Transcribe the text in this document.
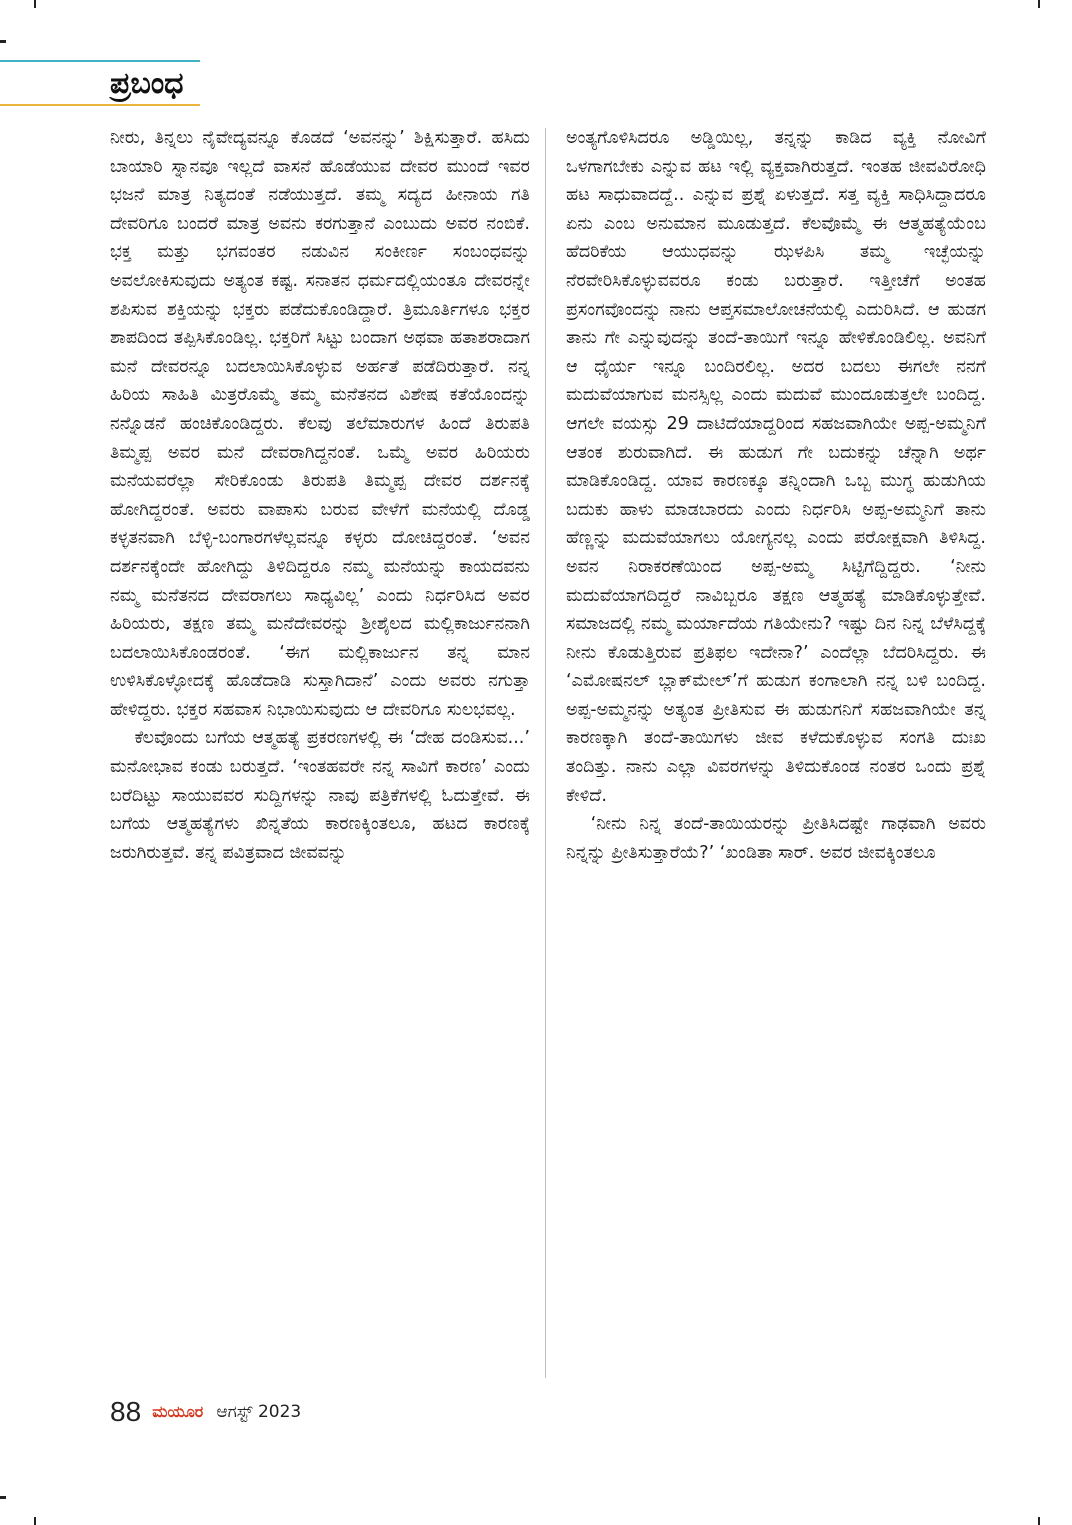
ಪ್ರಬಂಧ

ನೀರು, ತಿನ್ನಲು ನೈವೇದ್ಯವನ್ನೂ ಕೊಡದೆ ‘ಅವನನ್ನು’ ಶಿಕ್ಷಿಸುತ್ತಾರೆ. ಹಸಿದು ಬಾಯಾರಿ ಸ್ನಾನವೂ ಇಲ್ಲದೆ ವಾಸನೆ ಹೊಡೆಯುವ ದೇವರ ಮುಂದೆ ಇವರ ಭಜನೆ ಮಾತ್ರ ನಿತ್ಯದಂತೆ ನಡೆಯುತ್ತದೆ. ತಮ್ಮ ಸದ್ಯದ ಹೀನಾಯ ಗತಿ ದೇವರಿಗೂ ಬಂದರೆ ಮಾತ್ರ ಅವನು ಕರಗುತ್ತಾನೆ ಎಂಬುದು ಅವರ ನಂಬಿಕೆ. ಭಕ್ತ ಮತ್ತು ಭಗವಂತರ ನಡುವಿನ ಸಂಕೀರ್ಣ ಸಂಬಂಧವನ್ನು ಅವಲೋಕಿಸುವುದು ಅತ್ಯಂತ ಕಷ್ಟ. ಸನಾತನ ಧರ್ಮದಲ್ಲಿಯಂತೂ ದೇವರನ್ನೇ ಶಪಿಸುವ ಶಕ್ತಿಯನ್ನು ಭಕ್ತರು ಪಡೆದುಕೊಂಡಿದ್ದಾರೆ. ತ್ರಿಮೂರ್ತಿಗಳೂ ಭಕ್ತರ ಶಾಪದಿಂದ ತಪ್ಪಿಸಿಕೊಂಡಿಲ್ಲ. ಭಕ್ತರಿಗೆ ಸಿಟ್ಟು ಬಂದಾಗ ಅಥವಾ ಹತಾಶರಾದಾಗ ಮನೆ ದೇವರನ್ನೂ ಬದಲಾಯಿಸಿಕೊಳ್ಳುವ ಅರ್ಹತೆ ಪಡೆದಿರುತ್ತಾರೆ. ನನ್ನ ಹಿರಿಯ ಸಾಹಿತಿ ಮಿತ್ರರೊಮ್ಮೆ ತಮ್ಮ ಮನೆತನದ ವಿಶೇಷ ಕತೆಯೊಂದನ್ನು ನನ್ನೊಡನೆ ಹಂಚಿಕೊಂಡಿದ್ದರು. ಕೆಲವು ತಲೆಮಾರುಗಳ ಹಿಂದೆ ತಿರುಪತಿ ತಿಮ್ಮಪ್ಪ ಅವರ ಮನೆ ದೇವರಾಗಿದ್ದನಂತೆ. ಒಮ್ಮೆ ಅವರ ಹಿರಿಯರು ಮನೆಯವರೆಲ್ಲಾ ಸೇರಿಕೊಂಡು ತಿರುಪತಿ ತಿಮ್ಮಪ್ಪ ದೇವರ ದರ್ಶನಕ್ಕೆ ಹೋಗಿದ್ದರಂತೆ. ಅವರು ವಾಪಾಸು ಬರುವ ವೇಳೆಗೆ ಮನೆಯಲ್ಲಿ ದೊಡ್ಡ ಕಳ್ಳತನವಾಗಿ ಬೆಳ್ಳಿ-ಬಂಗಾರಗಳೆಲ್ಲವನ್ನೂ ಕಳ್ಳರು ದೋಚಿದ್ದರಂತೆ. ‘ಅವನ ದರ್ಶನಕ್ಕೆಂದೇ ಹೋಗಿದ್ದು ತಿಳಿದಿದ್ದರೂ ನಮ್ಮ ಮನೆಯನ್ನು ಕಾಯದವನು ನಮ್ಮ ಮನೆತನದ ದೇವರಾಗಲು ಸಾಧ್ಯವಿಲ್ಲ’ ಎಂದು ನಿರ್ಧರಿಸಿದ ಅವರ ಹಿರಿಯರು, ತಕ್ಷಣ ತಮ್ಮ ಮನೆದೇವರನ್ನು ಶ್ರೀಶೈಲದ ಮಲ್ಲಿಕಾರ್ಜುನನಾಗಿ ಬದಲಾಯಿಸಿಕೊಂಡರಂತೆ. ‘ಈಗ ಮಲ್ಲಿಕಾರ್ಜುನ ತನ್ನ ಮಾನ ಉಳಿಸಿಕೊಳ್ಳೋದಕ್ಕೆ ಹೊಡೆದಾಡಿ ಸುಸ್ತಾಗಿದಾನೆ’ ಎಂದು ಅವರು ನಗುತ್ತಾ ಹೇಳಿದ್ದರು. ಭಕ್ತರ ಸಹವಾಸ ನಿಭಾಯಿಸುವುದು ಆ ದೇವರಿಗೂ ಸುಲಭವಲ್ಲ.

ಕೆಲವೊಂದು ಬಗೆಯ ಆತ್ಮಹತ್ಯೆ ಪ್ರಕರಣಗಳಲ್ಲಿ ಈ ‘ದೇಹ ದಂಡಿಸುವ...’ ಮನೋಭಾವ ಕಂಡು ಬರುತ್ತದೆ. ‘ಇಂತಹವರೇ ನನ್ನ ಸಾವಿಗೆ ಕಾರಣ’ ಎಂದು ಬರೆದಿಟ್ಟು ಸಾಯುವವರ ಸುದ್ದಿಗಳನ್ನು ನಾವು ಪತ್ರಿಕೆಗಳಲ್ಲಿ ಓದುತ್ತೇವೆ. ಈ ಬಗೆಯ ಆತ್ಮಹತ್ಯೆಗಳು ಖಿನ್ನತೆಯ ಕಾರಣಕ್ಕಿಂತಲೂ, ಹಟದ ಕಾರಣಕ್ಕೆ ಜರುಗಿರುತ್ತವೆ. ತನ್ನ ಪವಿತ್ರವಾದ ಜೀವವನ್ನು

ಅಂತ್ಯಗೊಳಿಸಿದರೂ ಅಡ್ಡಿಯಿಲ್ಲ, ತನ್ನನ್ನು ಕಾಡಿದ ವ್ಯಕ್ತಿ ನೋವಿಗೆ ಒಳಗಾಗಬೇಕು ಎನ್ನುವ ಹಟ ಇಲ್ಲಿ ವ್ಯಕ್ತವಾಗಿರುತ್ತದೆ. ಇಂತಹ ಜೀವವಿರೋಧಿ ಹಟ ಸಾಧುವಾದದ್ದೆ.. ಎನ್ನುವ ಪ್ರಶ್ನೆ ಏಳುತ್ತದೆ. ಸತ್ತ ವ್ಯಕ್ತಿ ಸಾಧಿಸಿದ್ದಾದರೂ ಏನು ಎಂಬ ಅನುಮಾನ ಮೂಡುತ್ತದೆ. ಕೆಲವೊಮ್ಮೆ ಈ ಆತ್ಮಹತ್ಯೆಯೆಂಬ ಹೆದರಿಕೆಯ ಆಯುಧವನ್ನು ಝಳಪಿಸಿ ತಮ್ಮ ಇಚ್ಛೆಯನ್ನು ನೆರವೇರಿಸಿಕೊಳ್ಳುವವರೂ ಕಂಡು ಬರುತ್ತಾರೆ. ಇತ್ತೀಚೆಗೆ ಅಂತಹ ಪ್ರಸಂಗವೊಂದನ್ನು ನಾನು ಆಪ್ತಸಮಾಲೋಚನೆಯಲ್ಲಿ ಎದುರಿಸಿದೆ. ಆ ಹುಡಗ ತಾನು ಗೇ ಎನ್ನುವುದನ್ನು ತಂದೆ-ತಾಯಿಗೆ ಇನ್ನೂ ಹೇಳಿಕೊಂಡಿಲಿಲ್ಲ. ಅವನಿಗೆ ಆ ಧೈರ್ಯ ಇನ್ನೂ ಬಂದಿರಲಿಲ್ಲ. ಅದರ ಬದಲು ಈಗಲೇ ನನಗೆ ಮದುವೆಯಾಗುವ ಮನಸ್ಸಿಲ್ಲ ಎಂದು ಮದುವೆ ಮುಂದೂಡುತ್ತಲೇ ಬಂದಿದ್ದ. ಆಗಲೇ ವಯಸ್ಸು 29 ದಾಟಿದೆಯಾದ್ದರಿಂದ ಸಹಜವಾಗಿಯೇ ಅಪ್ಪ-ಅಮ್ಮನಿಗೆ ಆತಂಕ ಶುರುವಾಗಿದೆ. ಈ ಹುಡುಗ ಗೇ ಬದುಕನ್ನು ಚೆನ್ನಾಗಿ ಅರ್ಥ ಮಾಡಿಕೊಂಡಿದ್ದ. ಯಾವ ಕಾರಣಕ್ಕೂ ತನ್ನಿಂದಾಗಿ ಒಬ್ಬ ಮುಗ್ಧ ಹುಡುಗಿಯ ಬದುಕು ಹಾಳು ಮಾಡಬಾರದು ಎಂದು ನಿರ್ಧರಿಸಿ ಅಪ್ಪ-ಅಮ್ಮನಿಗೆ ತಾನು ಹೆಣ್ಣನ್ನು ಮದುವೆಯಾಗಲು ಯೋಗ್ಯನಲ್ಲ ಎಂದು ಪರೋಕ್ಷವಾಗಿ ತಿಳಿಸಿದ್ದ. ಅವನ ನಿರಾಕರಣೆಯಿಂದ ಅಪ್ಪ-ಅಮ್ಮ ಸಿಟ್ಟಿಗೆದ್ದಿದ್ದರು. ‘ನೀನು ಮದುವೆಯಾಗದಿದ್ದರೆ ನಾವಿಬ್ಬರೂ ತಕ್ಷಣ ಆತ್ಮಹತ್ಯೆ ಮಾಡಿಕೊಳ್ಳುತ್ತೇವೆ. ಸಮಾಜದಲ್ಲಿ ನಮ್ಮ ಮರ್ಯಾದೆಯ ಗತಿಯೇನು? ಇಷ್ಟು ದಿನ ನಿನ್ನ ಬೆಳೆಸಿದ್ದಕ್ಕೆ ನೀನು ಕೊಡುತ್ತಿರುವ ಪ್ರತಿಫಲ ಇದೇನಾ?’ ಎಂದೆಲ್ಲಾ ಬೆದರಿಸಿದ್ದರು. ಈ ‘ಎಮೋಷನಲ್ ಬ್ಲಾಕ್‌ಮೇಲ್’ಗೆ ಹುಡುಗ ಕಂಗಾಲಾಗಿ ನನ್ನ ಬಳಿ ಬಂದಿದ್ದ. ಅಪ್ಪ-ಅಮ್ಮನನ್ನು ಅತ್ಯಂತ ಪ್ರೀತಿಸುವ ಈ ಹುಡುಗನಿಗೆ ಸಹಜವಾಗಿಯೇ ತನ್ನ ಕಾರಣಕ್ಕಾಗಿ ತಂದೆ-ತಾಯಿಗಳು ಜೀವ ಕಳೆದುಕೊಳ್ಳುವ ಸಂಗತಿ ದುಃಖ ತಂದಿತ್ತು. ನಾನು ಎಲ್ಲಾ ವಿವರಗಳನ್ನು ತಿಳಿದುಕೊಂಡ ನಂತರ ಒಂದು ಪ್ರಶ್ನೆ ಕೇಳಿದೆ.

‘ನೀನು ನಿನ್ನ ತಂದೆ-ತಾಯಿಯರನ್ನು ಪ್ರೀತಿಸಿದಷ್ಟೇ ಗಾಢವಾಗಿ ಅವರು ನಿನ್ನನ್ನು ಪ್ರೀತಿಸುತ್ತಾರೆಯೆ?’ ‘ಖಂಡಿತಾ ಸಾರ್. ಅವರ ಜೀವಕ್ಕಿಂತಲೂ

88 ಮಯೂರ ಆಗಸ್ಟ್ 2023
